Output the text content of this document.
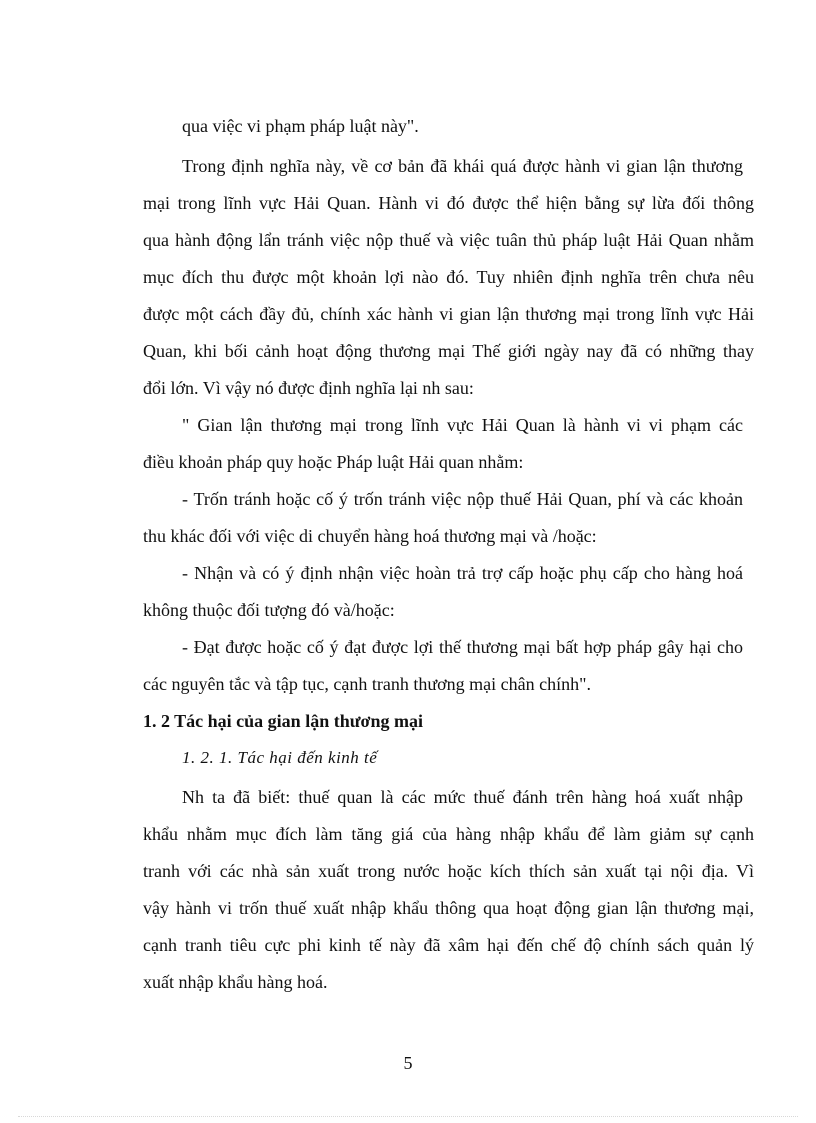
qua việc vi phạm pháp luật này".
Trong định nghĩa này, về cơ bản đã khái quá được hành vi gian lận thương
mại trong lĩnh vực Hải Quan. Hành vi đó được thể hiện bằng sự lừa đối thông
qua hành động lẩn tránh việc nộp thuế và việc tuân thủ pháp luật Hải Quan nhằm
mục đích thu được một khoản lợi nào đó. Tuy nhiên định nghĩa trên chưa nêu
được một cách đầy đủ, chính xác hành vi gian lận thương mại trong lĩnh vực Hải
Quan, khi bối cảnh hoạt động thương mại Thế giới ngày nay đã có những thay
đổi lớn. Vì vậy nó được định nghĩa lại nh sau:
" Gian lận thương mại trong lĩnh vực Hải Quan là hành vi vi phạm các
điều khoản pháp quy hoặc Pháp luật Hải quan nhằm:
- Trốn tránh hoặc cố ý trốn tránh việc nộp thuế Hải Quan, phí và các khoản
thu khác đối với việc di chuyển hàng hoá thương mại và /hoặc:
- Nhận và có ý định nhận việc hoàn trả trợ cấp hoặc phụ cấp cho hàng hoá
không thuộc đối tượng đó và/hoặc:
- Đạt được hoặc cố ý đạt được lợi thế thương mại bất hợp pháp gây hại cho
các nguyên tắc và tập tục, cạnh tranh thương mại chân chính".
1. 2 Tác hại của gian lận thương mại
1. 2. 1. Tác hại đến kinh tế
Nh ta đã biết: thuế quan là các mức thuế đánh trên hàng hoá xuất nhập
khẩu nhằm mục đích làm tăng giá của hàng nhập khẩu để làm giảm sự cạnh
tranh với các nhà sản xuất trong nước hoặc kích thích sản xuất tại nội địa. Vì
vậy hành vi trốn thuế xuất nhập khẩu thông qua hoạt động gian lận thương mại,
cạnh tranh tiêu cực phi kinh tế này đã xâm hại đến chế độ chính sách quản lý
xuất nhập khẩu hàng hoá.
5
